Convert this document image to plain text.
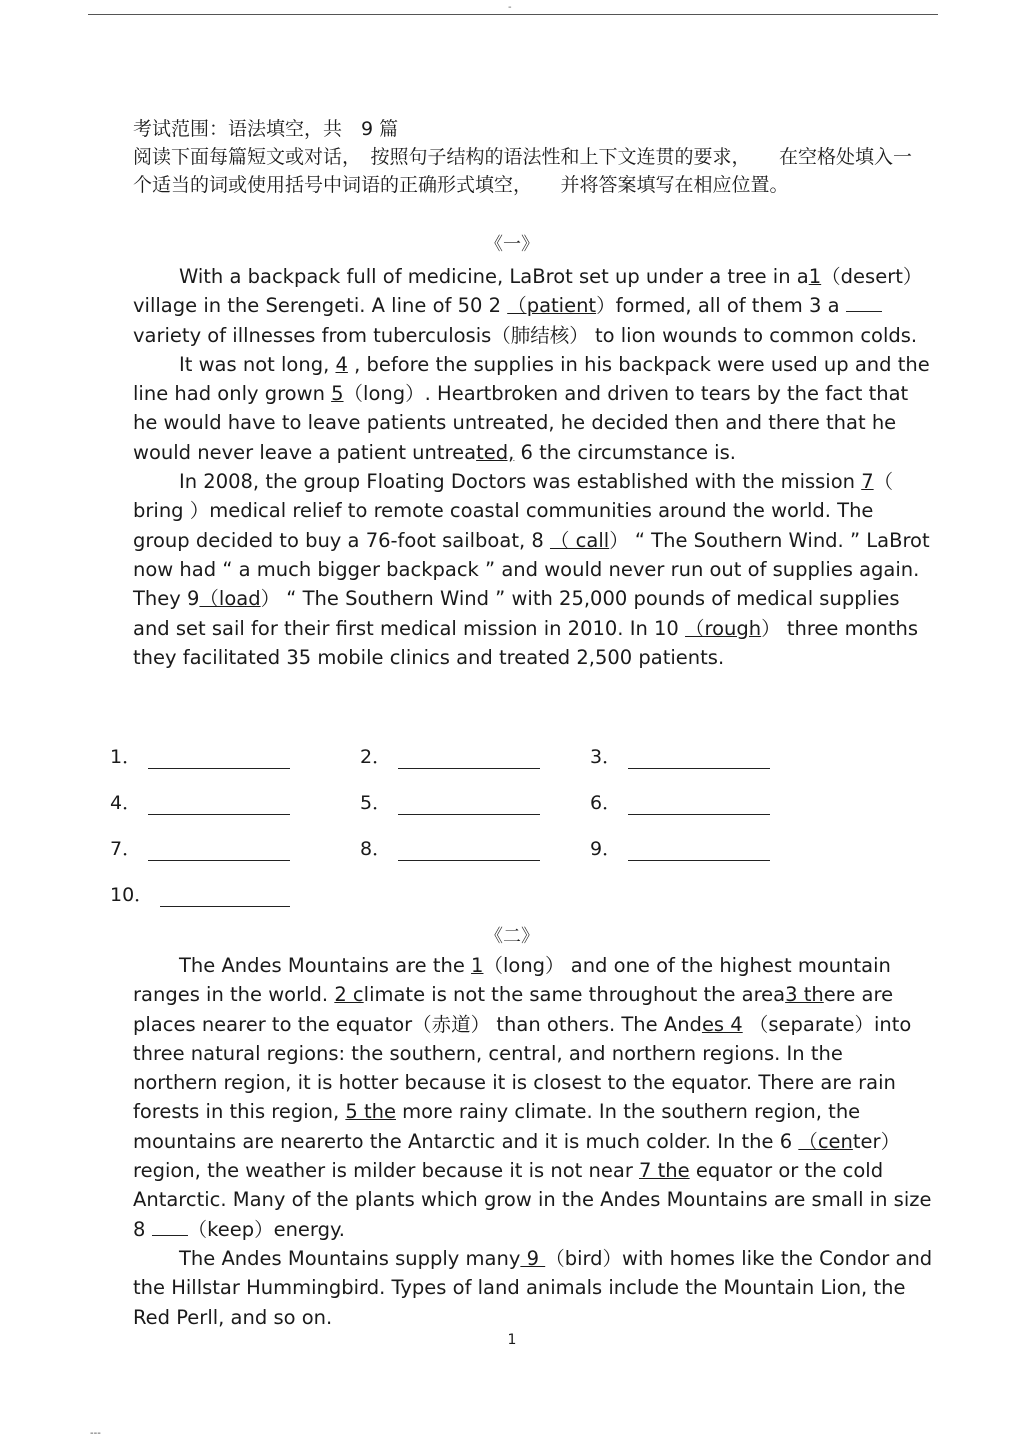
-

考试范围：语法填空，共　9 篇

阅读下面每篇短文或对话，　按照句子结构的语法性和上下文连贯的要求，　　在空格处填入一个适当的词或使用括号中词语的正确形式填空，　　并将答案填写在相应位置。

《一》

With a backpack full of medicine, LaBrot set up under a tree in a1（desert） village in the Serengeti. A line of 50 2 （patient）formed, all of them 3 a  variety of illnesses from tuberculosis（肺结核） to lion wounds to common colds.

It was not long, 4 , before the supplies in his backpack were used up and the line had only grown 5（long）. Heartbroken and driven to tears by the fact that he would have to leave patients untreated, he decided then and there that he would never leave a patient untreated, 6 the circumstance is.

In 2008, the group Floating Doctors was established with the mission 7（ bring ）medical relief to remote coastal communities around the world. The group decided to buy a 76-foot sailboat, 8 （ call） “ The Southern Wind. ” LaBrot now had “ a much bigger backpack ” and would never run out of supplies again. They 9（load） “ The Southern Wind ” with 25,000 pounds of medical supplies and set sail for their first medical mission in 2010. In 10 （rough） three months they facilitated 35 mobile clinics and treated 2,500 patients.

1．	2．	3．
4．	5．	6．
7．	8．	9．
10．
《二》

The Andes Mountains are the 1（long） and one of the highest mountain ranges in the world. 2 climate is not the same throughout the area3 there are places nearer to the equator（赤道） than others. The Andes 4 （separate）into three natural regions: the southern, central, and northern regions. In the northern region, it is hotter because it is closest to the equator. There are rain forests in this region, 5 the more rainy climate. In the southern region, the mountains are nearerto the Antarctic and it is much colder. In the 6 （center）region, the weather is milder because it is not near 7 the equator or the cold Antarctic. Many of the plants which grow in the Andes Mountains are small in size 8 （keep）energy.

The Andes Mountains supply many 9 （bird）with homes like the Condor and the Hillstar Hummingbird. Types of land animals include the Mountain Lion, the Red Perll, and so on.

1
---
